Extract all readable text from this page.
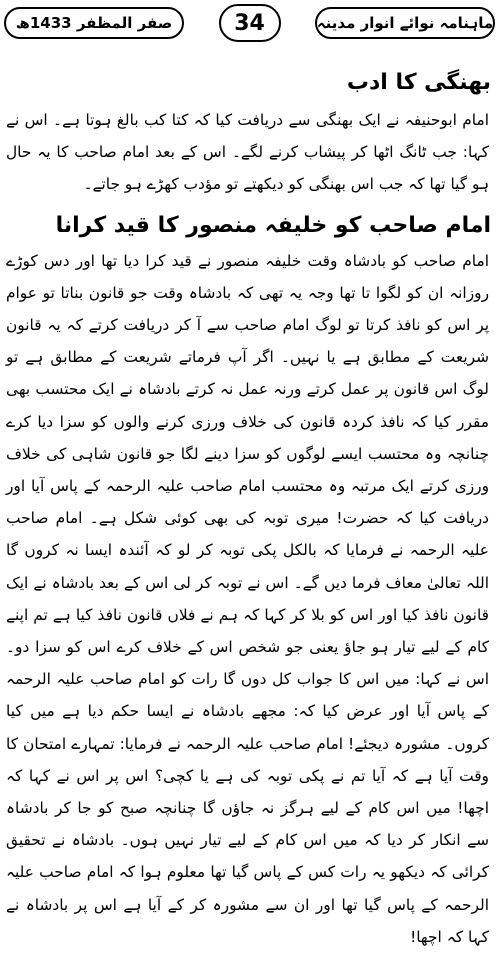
ماہنامہ نوائے انوار مدینہ
34
صفر المظفر 1433ھ
بھنگی کا ادب
امام ابوحنیفہ نے ایک بھنگی سے دریافت کیا کہ کتا کب بالغ ہوتا ہے۔ اس نے کہا: جب ٹانگ اٹھا کر پیشاب کرنے لگے۔ اس کے بعد امام صاحب کا یہ حال ہو گیا تھا کہ جب اس بھنگی کو دیکھتے تو مؤدب کھڑے ہو جاتے۔
امام صاحب کو خلیفہ منصور کا قید کرانا
امام صاحب کو بادشاہ وقت خلیفہ منصور نے قید کرا دیا تھا اور دس کوڑے روزانہ ان کو لگوا تا تھا وجہ یہ تھی کہ بادشاہ وقت جو قانون بناتا تو عوام پر اس کو نافذ کرتا تو لوگ امام صاحب سے آ کر دریافت کرتے کہ یہ قانون شریعت کے مطابق ہے یا نہیں۔ اگر آپ فرماتے شریعت کے مطابق ہے تو لوگ اس قانون پر عمل کرتے ورنہ عمل نہ کرتے بادشاہ نے ایک محتسب بھی مقرر کیا کہ نافذ کردہ قانون کی خلاف ورزی کرنے والوں کو سزا دیا کرے چنانچہ وہ محتسب ایسے لوگوں کو سزا دینے لگا جو قانون شاہی کی خلاف ورزی کرتے ایک مرتبہ وہ محتسب امام صاحب علیہ الرحمہ کے پاس آیا اور دریافت کیا کہ حضرت! میری توبہ کی بھی کوئی شکل ہے۔ امام صاحب علیہ الرحمہ نے فرمایا کہ بالکل پکی توبہ کر لو کہ آئندہ ایسا نہ کروں گا اللہ تعالیٰ معاف فرما دیں گے۔ اس نے توبہ کر لی اس کے بعد بادشاہ نے ایک قانون نافذ کیا اور اس کو بلا کر کہا کہ ہم نے فلاں قانون نافذ کیا ہے تم اپنے کام کے لیے تیار ہو جاؤ یعنی جو شخص اس کے خلاف کرے اس کو سزا دو۔ اس نے کہا: میں اس کا جواب کل دوں گا رات کو امام صاحب علیہ الرحمہ کے پاس آیا اور عرض کیا کہ: مجھے بادشاہ نے ایسا حکم دیا ہے میں کیا کروں۔ مشورہ دیجئے! امام صاحب علیہ الرحمہ نے فرمایا: تمہارے امتحان کا وقت آیا ہے کہ آیا تم نے پکی توبہ کی ہے یا کچی؟ اس پر اس نے کہا کہ اچھا! میں اس کام کے لیے ہرگز نہ جاؤں گا چنانچہ صبح کو جا کر بادشاہ سے انکار کر دیا کہ میں اس کام کے لیے تیار نہیں ہوں۔ بادشاہ نے تحقیق کرائی کہ دیکھو یہ رات کس کے پاس گیا تھا معلوم ہوا کہ امام صاحب علیہ الرحمہ کے پاس گیا تھا اور ان سے مشورہ کر کے آیا ہے اس پر بادشاہ نے کہا کہ اچھا!
